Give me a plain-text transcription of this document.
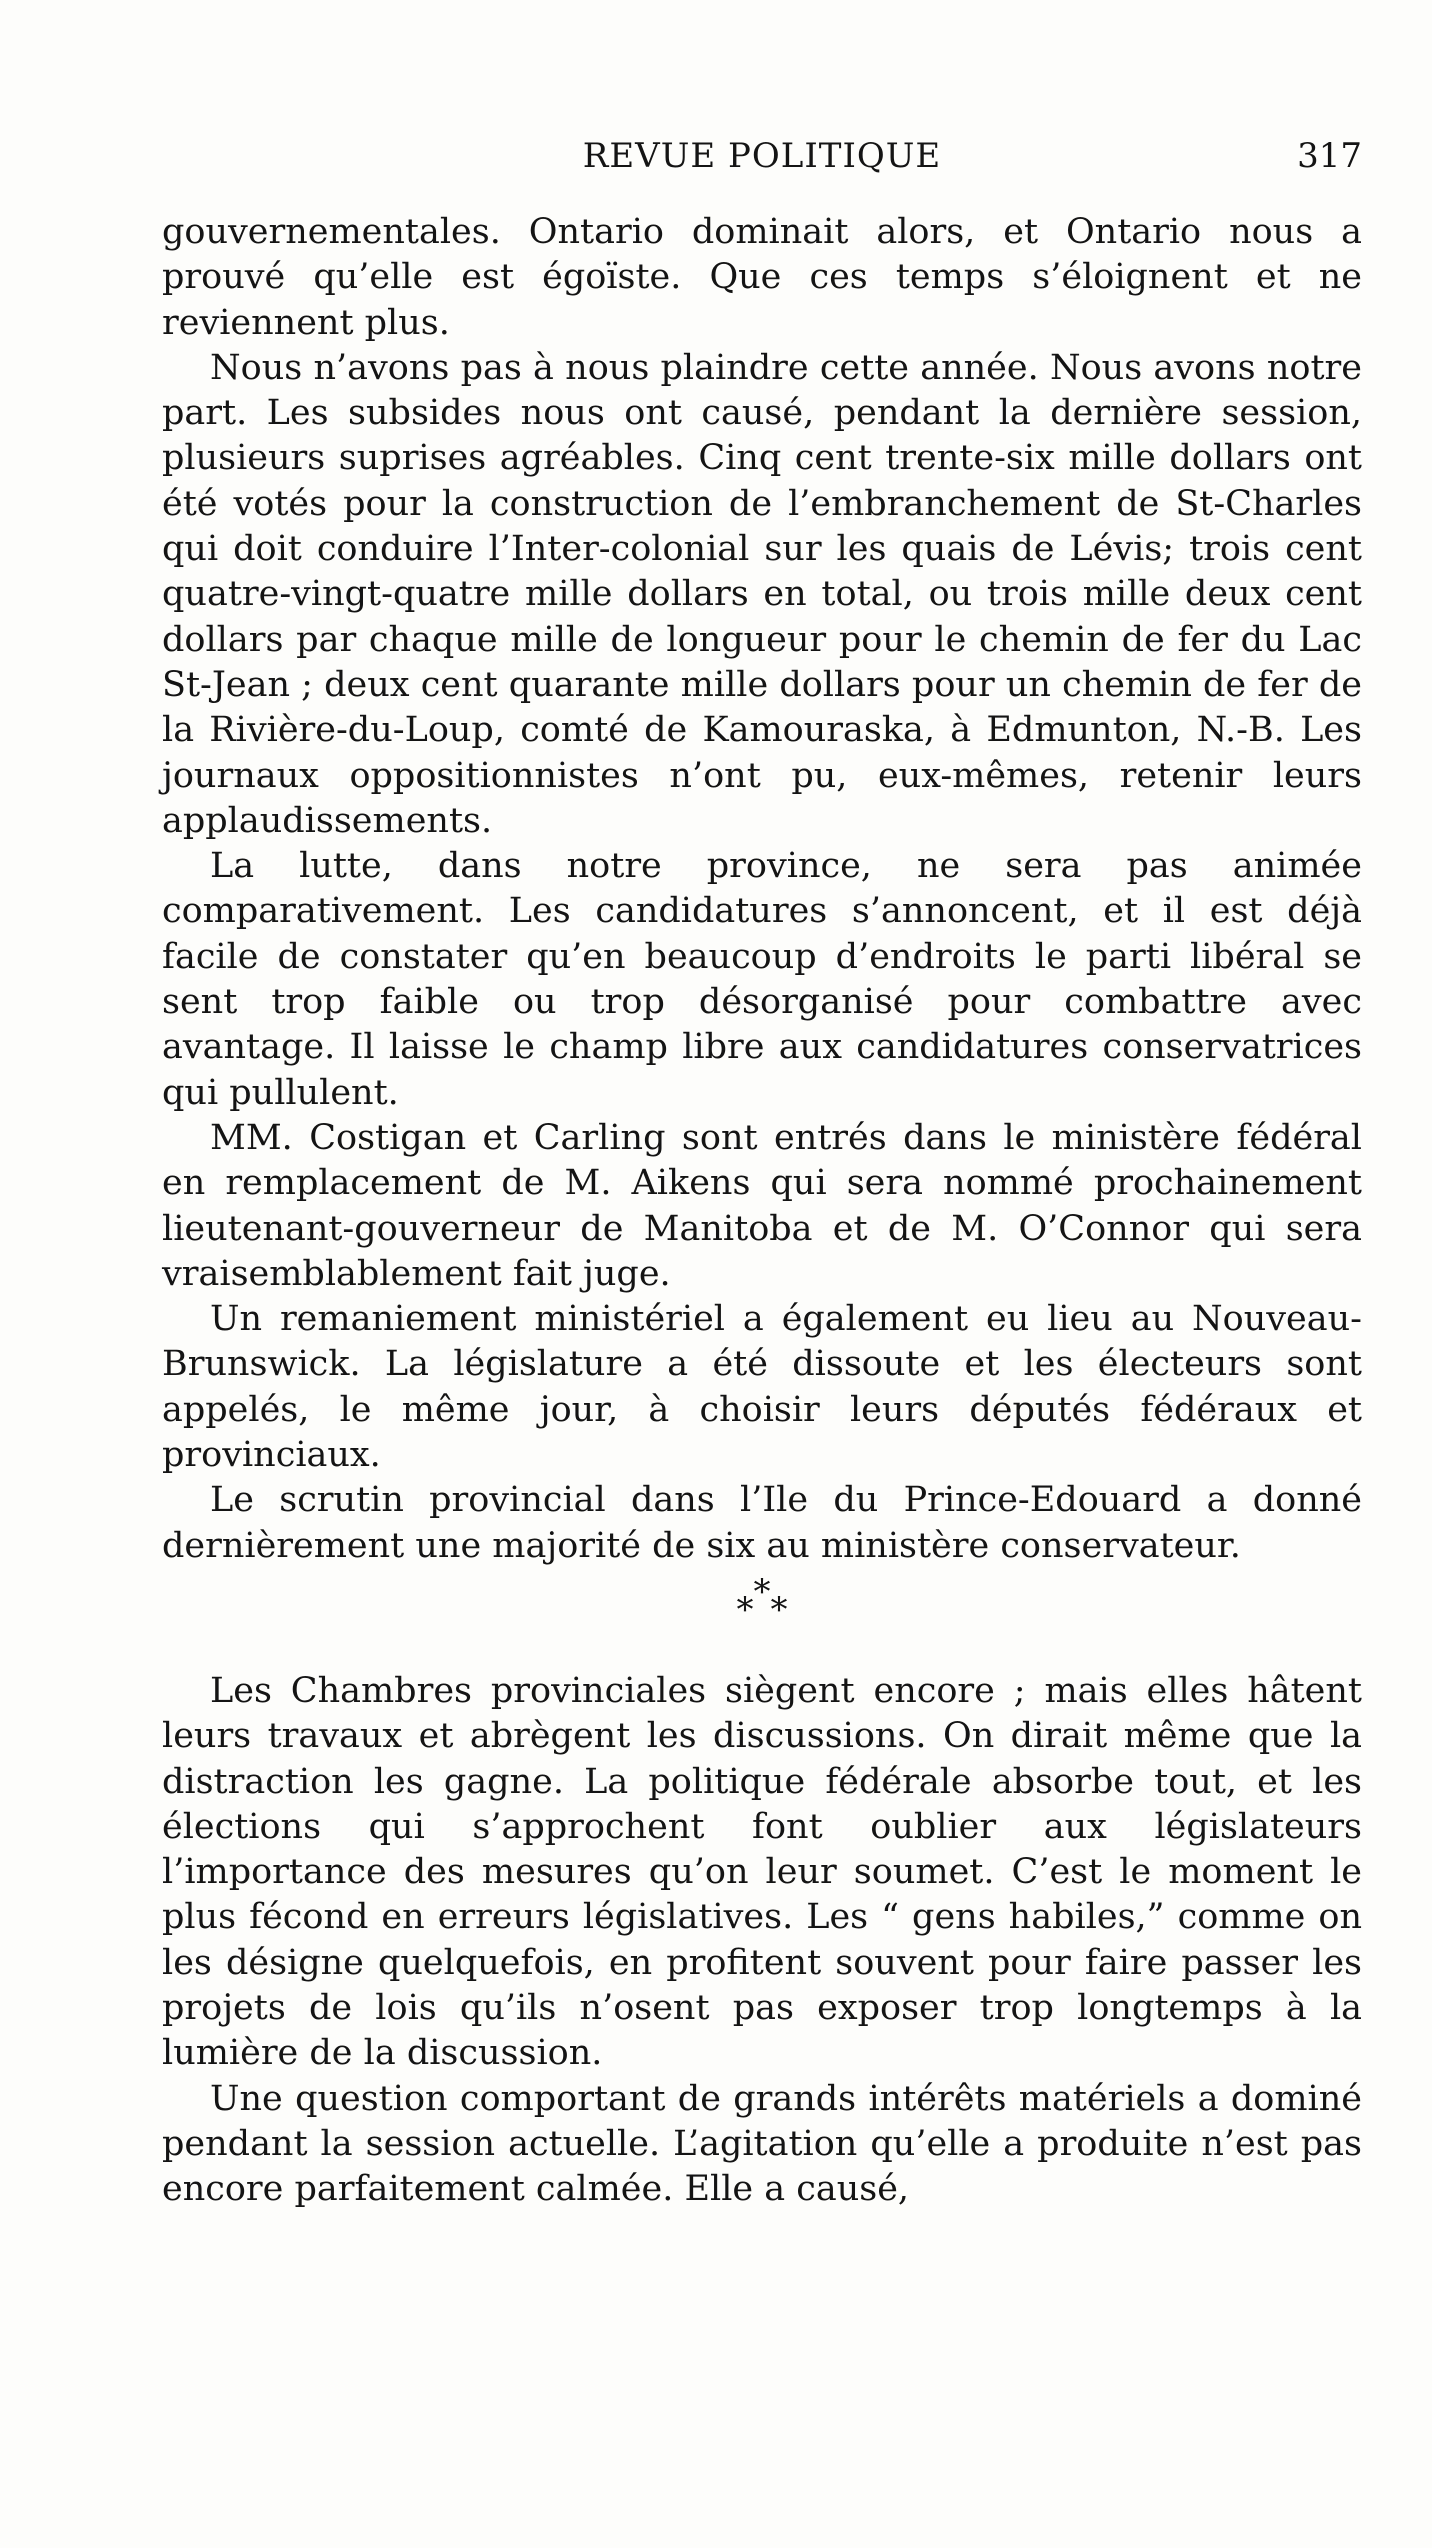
REVUE POLITIQUE	317

gouvernementales. Ontario dominait alors, et Ontario nous a prouvé qu’elle est égoïste. Que ces temps s’éloignent et ne reviennent plus.

Nous n’avons pas à nous plaindre cette année. Nous avons notre part. Les subsides nous ont causé, pendant la dernière session, plusieurs suprises agréables. Cinq cent trente-six mille dollars ont été votés pour la construction de l’embranchement de St-Charles qui doit conduire l’Inter-colonial sur les quais de Lévis; trois cent quatre-vingt-quatre mille dollars en total, ou trois mille deux cent dollars par chaque mille de longueur pour le chemin de fer du Lac St-Jean ; deux cent quarante mille dollars pour un chemin de fer de la Rivière-du-Loup, comté de Kamouraska, à Edmunton, N.-B. Les journaux oppositionnistes n’ont pu, eux-mêmes, retenir leurs applaudissements.

La lutte, dans notre province, ne sera pas animée comparativement. Les candidatures s’annoncent, et il est déjà facile de constater qu’en beaucoup d’endroits le parti libéral se sent trop faible ou trop désorganisé pour combattre avec avantage. Il laisse le champ libre aux candidatures conservatrices qui pullulent.

MM. Costigan et Carling sont entrés dans le ministère fédéral en remplacement de M. Aikens qui sera nommé prochainement lieutenant-gouverneur de Manitoba et de M. O’Connor qui sera vraisemblablement fait juge.

Un remaniement ministériel a également eu lieu au Nouveau-Brunswick. La législature a été dissoute et les électeurs sont appelés, le même jour, à choisir leurs députés fédéraux et provinciaux.

Le scrutin provincial dans l’Ile du Prince-Edouard a donné dernièrement une majorité de six au ministère conservateur.

***

Les Chambres provinciales siègent encore ; mais elles hâtent leurs travaux et abrègent les discussions. On dirait même que la distraction les gagne. La politique fédérale absorbe tout, et les élections qui s’approchent font oublier aux législateurs l’importance des mesures qu’on leur soumet. C’est le moment le plus fécond en erreurs législatives. Les “ gens habiles,” comme on les désigne quelquefois, en profitent souvent pour faire passer les projets de lois qu’ils n’osent pas exposer trop longtemps à la lumière de la discussion.

Une question comportant de grands intérêts matériels a dominé pendant la session actuelle. L’agitation qu’elle a produite n’est pas encore parfaitement calmée. Elle a causé,
